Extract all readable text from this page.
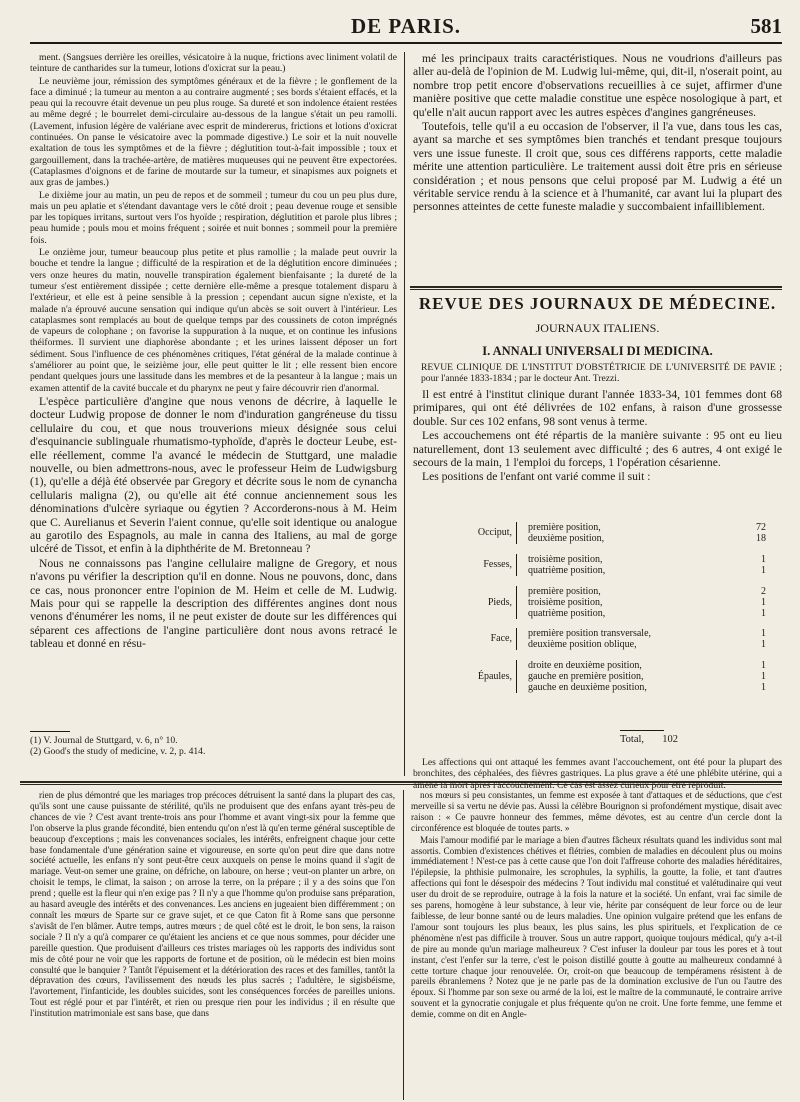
DE PARIS.	581

ment. (Sangsues derrière les oreilles, vésicatoire à la nuque, frictions avec liniment volatil de teinture de cantharides sur la tumeur, lotions d'oxicrat sur la peau.)

Le neuvième jour, rémission des symptômes généraux et de la fièvre ; le gonflement de la face a diminué ; la tumeur au menton a au contraire augmenté ; ses bords s'étaient effacés, et la peau qui la recouvre était devenue un peu plus rouge. Sa dureté et son indolence étaient restées au même degré ; le bourrelet demi-circulaire au-dessous de la langue s'était un peu ramolli. (Lavement, infusion légère de valériane avec esprit de mindererus, frictions et lotions d'oxicrat continuées. On panse le vésicatoire avec la pommade digestive.) Le soir et la nuit nouvelle exaltation de tous les symptômes et de la fièvre ; déglutition tout-à-fait impossible ; toux et gargouillement, dans la trachée-artère, de matières muqueuses qui ne peuvent être expectorées. (Cataplasmes d'oignons et de farine de moutarde sur la tumeur, et sinapismes aux poignets et aux gras de jambes.)

Le dixième jour au matin, un peu de repos et de sommeil ; tumeur du cou un peu plus dure, mais un peu aplatie et s'étendant davantage vers le côté droit ; peau devenue rouge et sensible par les topiques irritans, surtout vers l'os hyoïde ; respiration, déglutition et parole plus libres ; peau humide ; pouls mou et moins fréquent ; soirée et nuit bonnes ; sommeil pour la première fois.

Le onzième jour, tumeur beaucoup plus petite et plus ramollie ; la malade peut ouvrir la bouche et tendre la langue ; difficulté de la respiration et de la déglutition encore diminuées ; vers onze heures du matin, nouvelle transpiration également bienfaisante ; la dureté de la tumeur s'est entièrement dissipée ; cette dernière elle-même a presque totalement disparu à l'extérieur, et elle est à peine sensible à la pression ; cependant aucun signe n'existe, et la malade n'a éprouvé aucune sensation qui indique qu'un abcès se soit ouvert à l'intérieur. Les cataplasmes sont remplacés au bout de quelque temps par des coussinets de coton imprégnés de vapeurs de colophane ; on favorise la suppuration à la nuque, et on continue les infusions théiformes. Il survient une diaphorèse abondante ; et les urines laissent déposer un fort sédiment. Sous l'influence de ces phénomènes critiques, l'état général de la malade continue à s'améliorer au point que, le seizième jour, elle peut quitter le lit ; elle ressent bien encore pendant quelques jours une lassitude dans les membres et de la pesanteur à la langue ; mais un examen attentif de la cavité buccale et du pharynx ne peut y faire découvrir rien d'anormal.

L'espèce particulière d'angine que nous venons de décrire, à laquelle le docteur Ludwig propose de donner le nom d'induration gangréneuse du tissu cellulaire du cou, et que nous trouverions mieux désignée sous celui d'esquinancie sublinguale rhumatismo-typhoïde, d'après le docteur Leube, est-elle réellement, comme l'a avancé le médecin de Stuttgard, une maladie nouvelle, ou bien admettrons-nous, avec le professeur Heim de Ludwigsburg (1), qu'elle a déjà été observée par Gregory et décrite sous le nom de cynancha cellularis maligna (2), ou qu'elle ait été connue anciennement sous les dénominations d'ulcère syriaque ou égytien ? Accorderons-nous à M. Heim que C. Aurelianus et Severin l'aient connue, qu'elle soit identique ou analogue au garotilo des Espagnols, au male in canna des Italiens, au mal de gorge ulcéré de Tissot, et enfin à la diphthérite de M. Bretonneau ?

Nous ne connaissons pas l'angine cellulaire maligne de Gregory, et nous n'avons pu vérifier la description qu'il en donne. Nous ne pouvons, donc, dans ce cas, nous prononcer entre l'opinion de M. Heim et celle de M. Ludwig. Mais pour qui se rappelle la description des différentes angines dont nous venons d'énumérer les noms, il ne peut exister de doute sur les différences qui séparent ces affections de l'angine particulière dont nous avons retracé le tableau et donné en résu-

(1) V. Journal de Stuttgard, v. 6, n° 10.
(2) Good's the study of medicine, v. 2, p. 414.

mé les principaux traits caractéristiques. Nous ne voudrions d'ailleurs pas aller au-delà de l'opinion de M. Ludwig lui-même, qui, dit-il, n'oserait point, au nombre trop petit encore d'observations recueillies à ce sujet, affirmer d'une manière positive que cette maladie constitue une espèce nosologique à part, et qu'elle n'ait aucun rapport avec les autres espèces d'angines gangréneuses.

Toutefois, telle qu'il a eu occasion de l'observer, il l'a vue, dans tous les cas, ayant sa marche et ses symptômes bien tranchés et tendant presque toujours vers une issue funeste. Il croit que, sous ces différens rapports, cette maladie mérite une attention particulière. Le traitement aussi doit être pris en sérieuse considération ; et nous pensons que celui proposé par M. Ludwig a été un véritable service rendu à la science et à l'humanité, car avant lui la plupart des personnes atteintes de cette funeste maladie y succombaient infailliblement.

REVUE DES JOURNAUX DE MÉDECINE.
JOURNAUX ITALIENS.
I. ANNALI UNIVERSALI DI MEDICINA.
REVUE CLINIQUE DE L'INSTITUT D'OBSTÉTRICIE DE L'UNIVERSITÉ DE PAVIE ; pour l'année 1833-1834 ; par le docteur Ant. Trezzi.

Il est entré à l'institut clinique durant l'année 1833-34, 101 femmes dont 68 primipares, qui ont été délivrées de 102 enfans, à raison d'une grossesse double. Sur ces 102 enfans, 98 sont venus à terme.

Les accouchemens ont été répartis de la manière suivante : 95 ont eu lieu naturellement, dont 13 seulement avec difficulté ; des 6 autres, 4 ont exigé le secours de la main, 1 l'emploi du forceps, 1 l'opération césarienne.

Les positions de l'enfant ont varié comme il suit :

Occiput, première position,	72
deuxième position,	18
Fesses, troisième position,	1
quatrième position,	1
Pieds,
première position,	2
troisième position,	1
quatrième position,	1
Face, première position transversale,	1
deuxième position oblique,	1
Épaules,
droite en deuxième position,	1
gauche en première position,	1
gauche en deuxième position,	1
Total,	102

Les affections qui ont attaqué les femmes avant l'accouchement, ont été pour la plupart des bronchites, des céphalées, des fièvres gastriques. La plus grave a été une phlébite utérine, qui a amené la mort après l'accouchement. Ce cas est assez curieux pour être reproduit.

rien de plus démontré que les mariages trop précoces détruisent la santé dans la plupart des cas, qu'ils sont une cause puissante de stérilité, qu'ils ne produisent que des enfans ayant très-peu de chances de vie ? C'est avant trente-trois ans pour l'homme et avant vingt-six pour la femme que l'on observe la plus grande fécondité, bien entendu qu'on n'est là qu'en terme général susceptible de beaucoup d'exceptions ; mais les convenances sociales, les intérêts, enfreignent chaque jour cette base fondamentale d'une génération saine et vigoureuse, en sorte qu'on peut dire que dans notre société actuelle, les enfans n'y sont peut-être ceux auxquels on pense le moins quand il s'agit de mariage. Veut-on semer une graine, on défriche, on laboure, on herse ; veut-on planter un arbre, on choisit le temps, le climat, la saison ; on arrose la terre, on la prépare ; il y a des soins que l'on prend ; quelle est la fleur qui n'en exige pas ? Il n'y a que l'homme qu'on produise sans préparation, au hasard aveugle des intérêts et des convenances. Les anciens en jugeaient bien différemment ; on connaît les mœurs de Sparte sur ce grave sujet, et ce que Caton fit à Rome sans que personne s'avisât de l'en blâmer. Autre temps, autres mœurs ; de quel côté est le droit, le bon sens, la raison sociale ? Il n'y a qu'à comparer ce qu'étaient les anciens et ce que nous sommes, pour décider une pareille question. Que produisent d'ailleurs ces tristes mariages où les rapports des individus sont mis de côté pour ne voir que les rapports de fortune et de position, où le médecin est bien moins consulté que le banquier ? Tantôt l'épuisement et la détérioration des races et des familles, tantôt la dépravation des cœurs, l'avilissement des nœuds les plus sacrés ; l'adultère, le sigisbéisme, l'avortement, l'infanticide, les doubles suicides, sont les conséquences forcées de pareilles unions. Tout est réglé pour et par l'intérêt, et rien ou presque rien pour les individus ; il en résulte que l'institution matrimoniale est sans base, que dans

nos mœurs si peu consistantes, un femme est exposée à tant d'attaques et de séductions, que c'est merveille si sa vertu ne dévie pas. Aussi la célèbre Bourignon si profondément mystique, disait avec raison : « Ce pauvre honneur des femmes, même dévotes, est au centre d'un cercle dont la circonférence est bloquée de toutes parts. »

Mais l'amour modifié par le mariage a bien d'autres fâcheux résultats quand les individus sont mal assortis. Combien d'existences chétives et flétries, combien de maladies en découlent plus ou moins immédiatement ! N'est-ce pas à cette cause que l'on doit l'affreuse cohorte des maladies héréditaires, l'épilepsie, la phthisie pulmonaire, les scrophules, la syphilis, la goutte, la folie, et tant d'autres affections qui font le désespoir des médecins ? Tout individu mal constitué et valétudinaire qui veut user du droit de se reproduire, outrage à la fois la nature et la société. Un enfant, vrai fac simile de ses parens, homogène à leur substance, à leur vie, hérite par conséquent de leur force ou de leur faiblesse, de leur bonne santé ou de leurs maladies. Une opinion vulgaire prétend que les enfans de l'amour sont toujours les plus beaux, les plus sains, les plus spirituels, et l'explication de ce phénomène n'est pas difficile à trouver. Sous un autre rapport, quoique toujours médical, qu'y a-t-il de pire au monde qu'un mariage malheureux ? C'est infuser la douleur par tous les pores et à tout instant, c'est l'enfer sur la terre, c'est le poison distillé goutte à goutte au malheureux condamné à cette torture chaque jour renouvelée. Or, croit-on que beaucoup de tempéramens résistent à de pareils ébranlemens ? Notez que je ne parle pas de la domination exclusive de l'un ou l'autre des époux. Si l'homme par son sexe ou armé de la loi, est le maître de la communauté, le contraire arrive souvent et la gynocratie conjugale et plus fréquente qu'on ne croit. Une forte femme, une femme et demie, comme on dit en Angle-
